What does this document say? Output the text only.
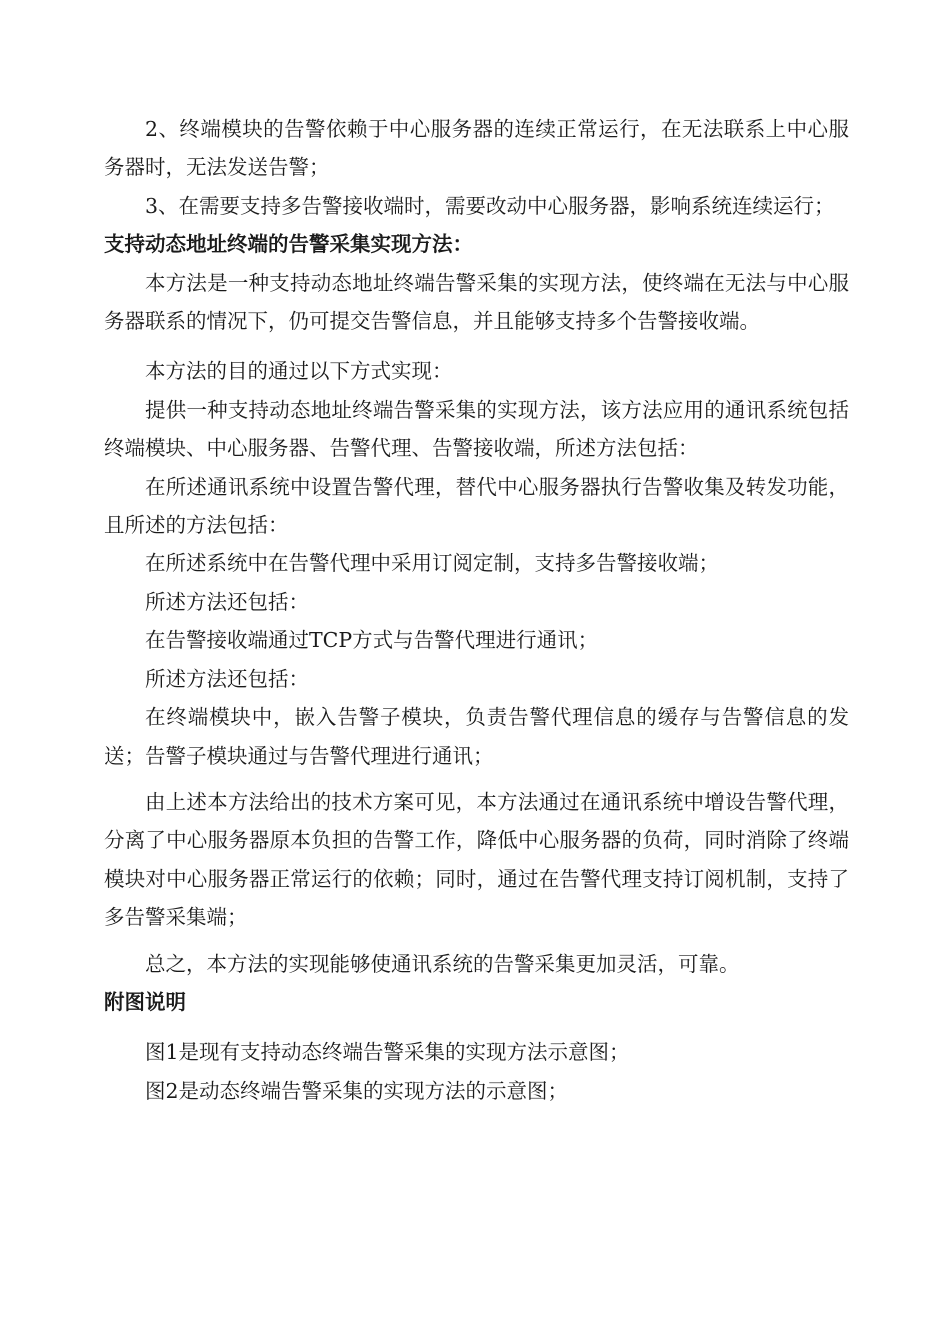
2、终端模块的告警依赖于中心服务器的连续正常运行，在无法联系上中心服务器时，无法发送告警；

3、在需要支持多告警接收端时，需要改动中心服务器，影响系统连续运行；

支持动态地址终端的告警采集实现方法：

本方法是一种支持动态地址终端告警采集的实现方法，使终端在无法与中心服务器联系的情况下，仍可提交告警信息，并且能够支持多个告警接收端。

本方法的目的通过以下方式实现：

提供一种支持动态地址终端告警采集的实现方法，该方法应用的通讯系统包括终端模块、中心服务器、告警代理、告警接收端，所述方法包括：

在所述通讯系统中设置告警代理，替代中心服务器执行告警收集及转发功能，且所述的方法包括：

在所述系统中在告警代理中采用订阅定制，支持多告警接收端；

所述方法还包括：

在告警接收端通过TCP方式与告警代理进行通讯；

所述方法还包括：

在终端模块中，嵌入告警子模块，负责告警代理信息的缓存与告警信息的发送；告警子模块通过与告警代理进行通讯；

由上述本方法给出的技术方案可见，本方法通过在通讯系统中增设告警代理，分离了中心服务器原本负担的告警工作，降低中心服务器的负荷，同时消除了终端模块对中心服务器正常运行的依赖；同时，通过在告警代理支持订阅机制，支持了多告警采集端；

总之，本方法的实现能够使通讯系统的告警采集更加灵活，可靠。

附图说明

图1是现有支持动态终端告警采集的实现方法示意图；

图2是动态终端告警采集的实现方法的示意图；
